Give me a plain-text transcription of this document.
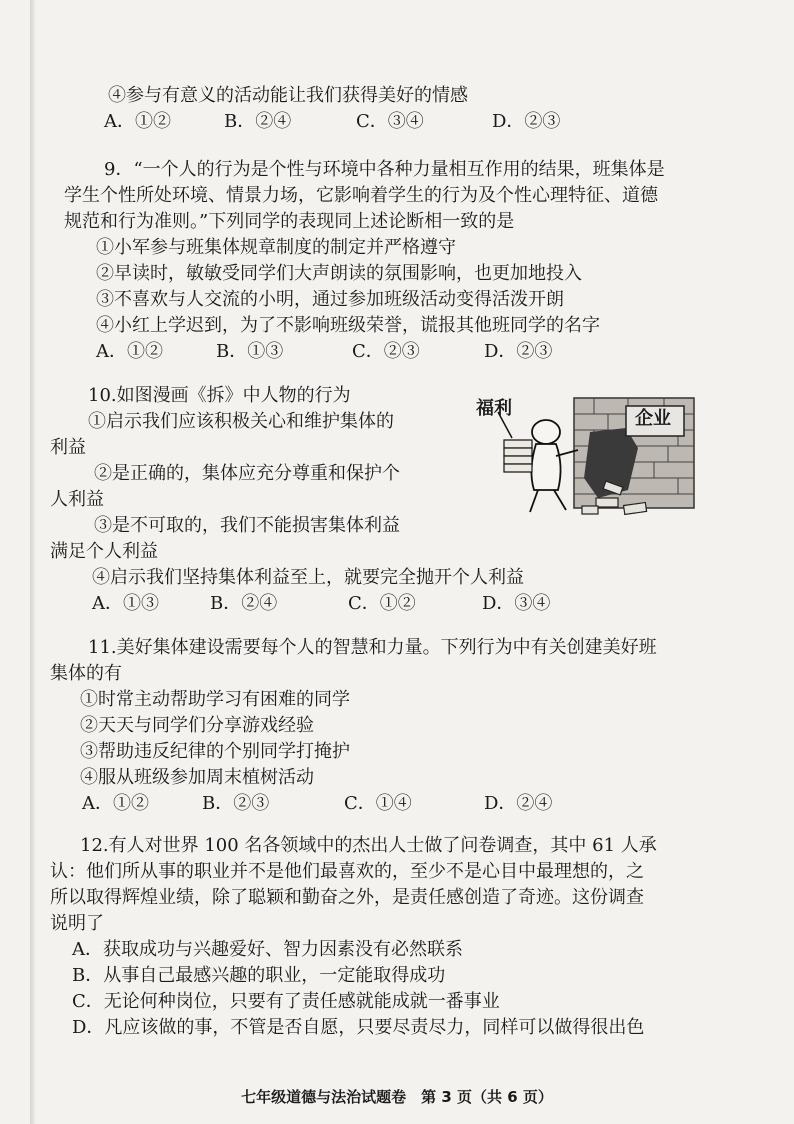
④参与有意义的活动能让我们获得美好的情感
A．①②	B．②④	C．③④	D．②③
9．“一个人的行为是个性与环境中各种力量相互作用的结果，班集体是
学生个性所处环境、情景力场，它影响着学生的行为及个性心理特征、道德
规范和行为准则。”下列同学的表现同上述论断相一致的是
①小军参与班集体规章制度的制定并严格遵守
②早读时，敏敏受同学们大声朗读的氛围影响，也更加地投入
③不喜欢与人交流的小明，通过参加班级活动变得活泼开朗
④小红上学迟到，为了不影响班级荣誉，谎报其他班同学的名字
A．①②	B．①③	C．②③	D．②③
10.如图漫画《拆》中人物的行为
①启示我们应该积极关心和维护集体的
利益
②是正确的，集体应充分尊重和保护个
人利益
③是不可取的，我们不能损害集体利益
满足个人利益
④启示我们坚持集体利益至上，就要完全抛开个人利益
A．①③	B．②④	C．①②	D．③④
福利	企业
11.美好集体建设需要每个人的智慧和力量。下列行为中有关创建美好班
集体的有
①时常主动帮助学习有困难的同学
②天天与同学们分享游戏经验
③帮助违反纪律的个别同学打掩护
④服从班级参加周末植树活动
A．①②	B．②③	C．①④	D．②④
12.有人对世界 100 名各领域中的杰出人士做了问卷调查，其中 61 人承
认：他们所从事的职业并不是他们最喜欢的，至少不是心目中最理想的，之
所以取得辉煌业绩，除了聪颖和勤奋之外，是责任感创造了奇迹。这份调查
说明了
A．获取成功与兴趣爱好、智力因素没有必然联系
B．从事自己最感兴趣的职业，一定能取得成功
C．无论何种岗位，只要有了责任感就能成就一番事业
D．凡应该做的事，不管是否自愿，只要尽责尽力，同样可以做得很出色
七年级道德与法治试题卷　第 3 页（共 6 页）
